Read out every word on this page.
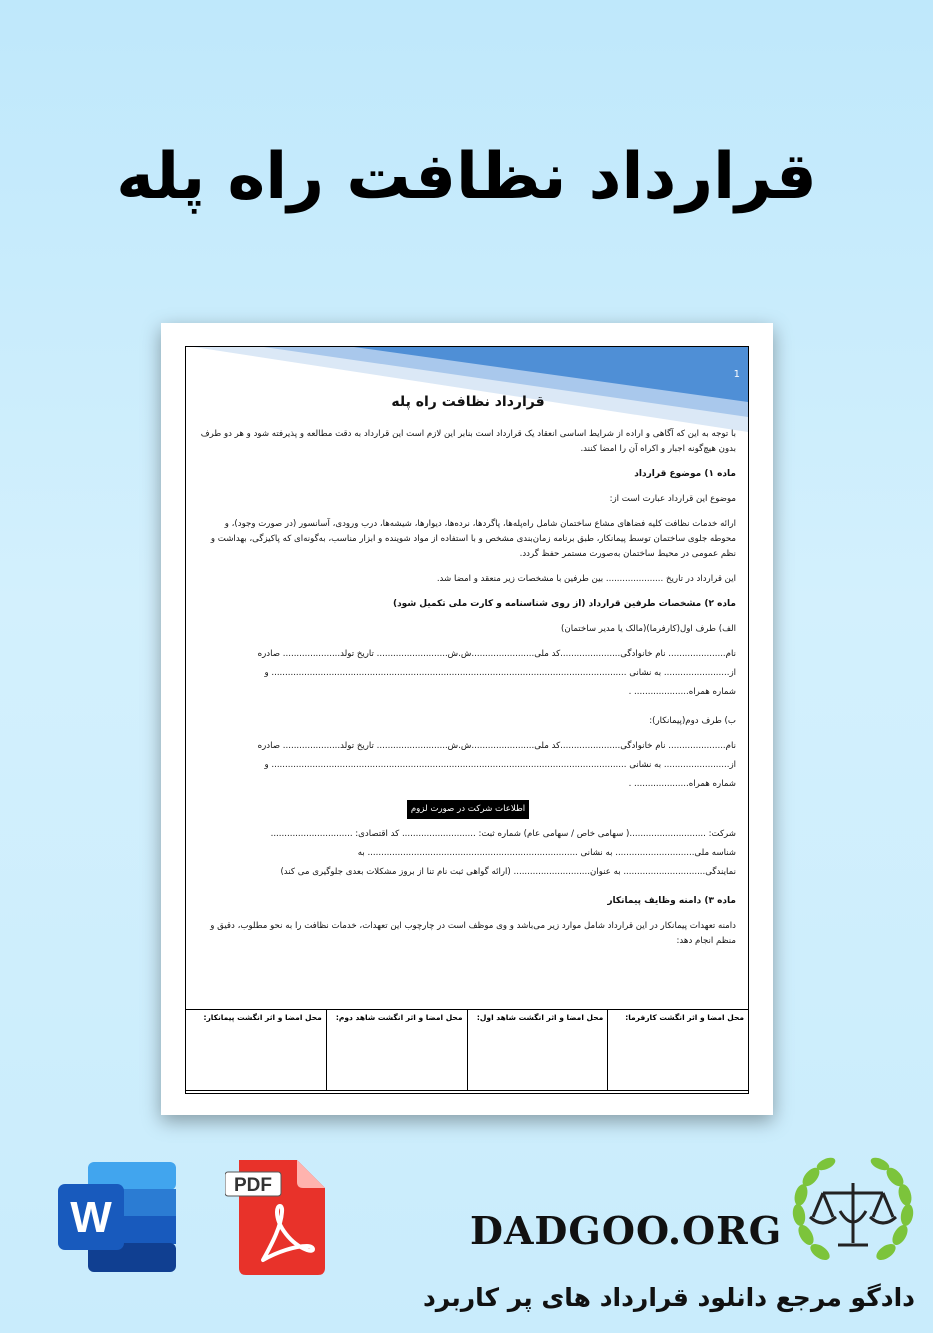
قرارداد نظافت راه پله
1
قرارداد نظافت راه پله
با توجه به این که آگاهی و اراده از شرایط اساسی انعقاد یک قرارداد است بنابر این لازم است این قرارداد به دقت مطالعه و پذیرفته شود و هر دو طرف بدون هیچ‌گونه اجبار و اکراه آن را امضا کنند.
ماده ۱) موضوع قرارداد
موضوع این قرارداد عبارت است از:
ارائه خدمات نظافت کلیه فضاهای مشاع ساختمان شامل راه‌پله‌ها، پاگردها، نرده‌ها، دیوارها، شیشه‌ها، درب ورودی، آسانسور (در صورت وجود)، و محوطه جلوی ساختمان توسط پیمانکار، طبق برنامه زمان‌بندی مشخص و با استفاده از مواد شوینده و ابزار مناسب، به‌گونه‌ای که پاکیزگی، بهداشت و نظم عمومی در محیط ساختمان به‌صورت مستمر حفظ گردد.
این قرارداد در تاریخ ..................... بین طرفین با مشخصات زیر منعقد و امضا شد.
ماده ۲) مشخصات طرفین قرارداد (از روی شناسنامه و کارت ملی تکمیل شود)
الف) طرف اول(کارفرما)(مالک یا مدیر ساختمان)
نام..................... نام خانوادگی......................کد ملی.......................ش.ش.......................... تاریخ تولد..................... صادره
از........................ به نشانی .................................................................................................................................. و
شماره همراه.................... .
ب) طرف دوم(پیمانکار):
نام..................... نام خانوادگی......................کد ملی.......................ش.ش.......................... تاریخ تولد..................... صادره
از........................ به نشانی .................................................................................................................................. و
شماره همراه.................... .
اطلاعات شرکت در صورت لزوم
شرکت: ............................( سهامی خاص / سهامی عام) شماره ثبت: ........................... کد اقتصادی: ..............................
شناسه ملی............................. به نشانی ............................................................................. به
نمایندگی.............................. به عنوان............................ (ارائه گواهی ثبت نام تنا از بروز مشکلات بعدی جلوگیری می کند)
ماده ۳) دامنه وظایف پیمانکار
دامنه تعهدات پیمانکار در این قرارداد شامل موارد زیر می‌باشد و وی موظف است در چارچوب این تعهدات، خدمات نظافت را به نحو مطلوب، دقیق و منظم انجام دهد:
محل امضا و اثر انگشت کارفرما:
محل امضا و اثر انگشت شاهد اول:
محل امضا و اثر انگشت شاهد دوم:
محل امضا و اثر انگشت پیمانکار:
W
PDF
DADGOO.ORG
دادگو مرجع دانلود قرارداد های پر کاربرد
